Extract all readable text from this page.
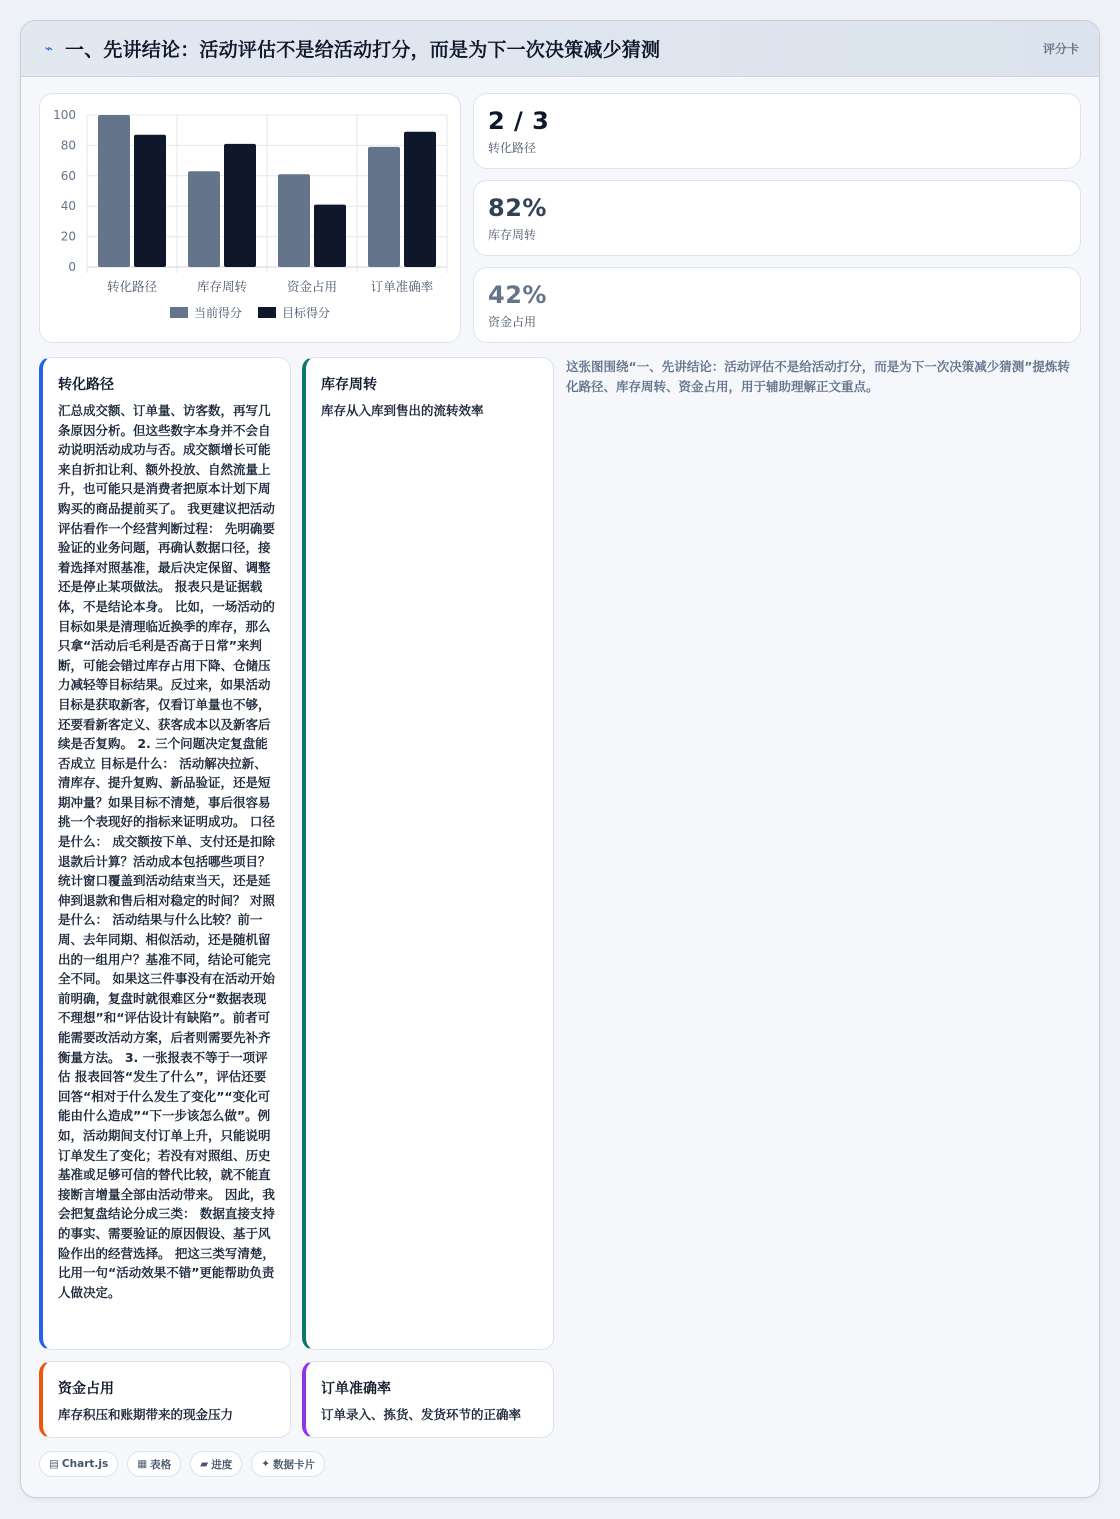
⌁ 一、先讲结论：活动评估不是给活动打分，而是为下一次决策减少猜测	评分卡
0
20
40
60
80
100
转化路径	库存周转	资金占用	订单准确率
当前得分	目标得分
2 / 3
转化路径
82%
库存周转
42%
资金占用
转化路径
汇总成交额、订单量、访客数，再写几条原因分析。但这些数字本身并不会自动说明活动成功与否。成交额增长可能来自折扣让利、额外投放、自然流量上升，也可能只是消费者把原本计划下周购买的商品提前买了。 我更建议把活动评估看作一个经营判断过程： 先明确要验证的业务问题，再确认数据口径，接着选择对照基准，最后决定保留、调整还是停止某项做法。 报表只是证据载体，不是结论本身。 比如，一场活动的目标如果是清理临近换季的库存，那么只拿“活动后毛利是否高于日常”来判断，可能会错过库存占用下降、仓储压力减轻等目标结果。反过来，如果活动目标是获取新客，仅看订单量也不够，还要看新客定义、获客成本以及新客后续是否复购。 2. 三个问题决定复盘能否成立 目标是什么： 活动解决拉新、清库存、提升复购、新品验证，还是短期冲量？如果目标不清楚，事后很容易挑一个表现好的指标来证明成功。 口径是什么： 成交额按下单、支付还是扣除退款后计算？活动成本包括哪些项目？统计窗口覆盖到活动结束当天，还是延伸到退款和售后相对稳定的时间？ 对照是什么： 活动结果与什么比较？前一周、去年同期、相似活动，还是随机留出的一组用户？基准不同，结论可能完全不同。 如果这三件事没有在活动开始前明确，复盘时就很难区分“数据表现不理想”和“评估设计有缺陷”。前者可能需要改活动方案，后者则需要先补齐衡量方法。 3. 一张报表不等于一项评估 报表回答“发生了什么”，评估还要回答“相对于什么发生了变化”“变化可能由什么造成”“下一步该怎么做”。例如，活动期间支付订单上升，只能说明订单发生了变化；若没有对照组、历史基准或足够可信的替代比较，就不能直接断言增量全部由活动带来。 因此，我会把复盘结论分成三类： 数据直接支持的事实、需要验证的原因假设、基于风险作出的经营选择。 把这三类写清楚，比用一句“活动效果不错”更能帮助负责人做决定。
库存周转
库存从入库到售出的流转效率
资金占用
库存积压和账期带来的现金压力
订单准确率
订单录入、拣货、发货环节的正确率
这张图围绕“一、先讲结论：活动评估不是给活动打分，而是为下一次决策减少猜测”提炼转化路径、库存周转、资金占用，用于辅助理解正文重点。
▤ Chart.js	▦ 表格	▰ 进度	✦ 数据卡片
